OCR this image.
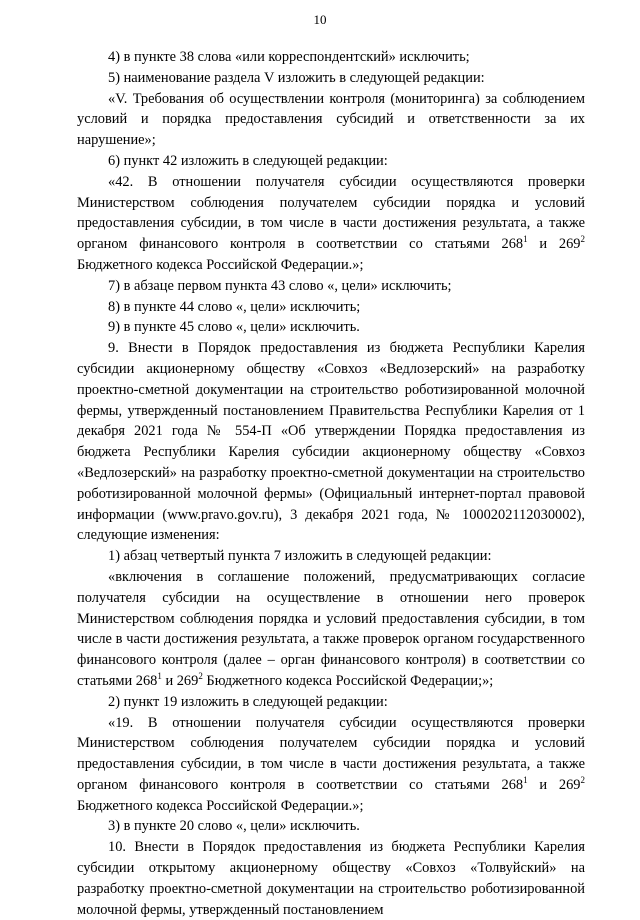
10

4) в пункте 38 слова «или корреспондентский» исключить;

5) наименование раздела V изложить в следующей редакции:

«V. Требования об осуществлении контроля (мониторинга) за соблюдением условий и порядка предоставления субсидий и ответственности за их нарушение»;

6) пункт 42 изложить в следующей редакции:

«42. В отношении получателя субсидии осуществляются проверки Министерством соблюдения получателем субсидии порядка и условий предоставления субсидии, в том числе в части достижения результата, а также органом финансового контроля в соответствии со статьями $268^1$ и $269^2$ Бюджетного кодекса Российской Федерации.»;

7) в абзаце первом пункта 43 слово «, цели» исключить;

8) в пункте 44 слово «, цели» исключить;

9) в пункте 45 слово «, цели» исключить.

9. Внести в Порядок предоставления из бюджета Республики Карелия субсидии акционерному обществу «Совхоз «Ведлозерский» на разработку проектно-сметной документации на строительство роботизированной молочной фермы, утвержденный постановлением Правительства Республики Карелия от 1 декабря 2021 года № 554-П «Об утверждении Порядка предоставления из бюджета Республики Карелия субсидии акционерному обществу «Совхоз «Ведлозерский» на разработку проектно-сметной документации на строительство роботизированной молочной фермы» (Официальный интернет-портал правовой информации (www.pravo.gov.ru), 3 декабря 2021 года, № 1000202112030002), следующие изменения:

1) абзац четвертый пункта 7 изложить в следующей редакции:

«включения в соглашение положений, предусматривающих согласие получателя субсидии на осуществление в отношении него проверок Министерством соблюдения порядка и условий предоставления субсидии, в том числе в части достижения результата, а также проверок органом государственного финансового контроля (далее – орган финансового контроля) в соответствии со статьями $268^1$ и $269^2$ Бюджетного кодекса Российской Федерации;»;

2) пункт 19 изложить в следующей редакции:

«19. В отношении получателя субсидии осуществляются проверки Министерством соблюдения получателем субсидии порядка и условий предоставления субсидии, в том числе в части достижения результата, а также органом финансового контроля в соответствии со статьями $268^1$ и $269^2$ Бюджетного кодекса Российской Федерации.»;

3) в пункте 20 слово «, цели» исключить.

10. Внести в Порядок предоставления из бюджета Республики Карелия субсидии открытому акционерному обществу «Совхоз «Толвуйский» на разработку проектно-сметной документации на строительство роботизированной молочной фермы, утвержденный постановлением
